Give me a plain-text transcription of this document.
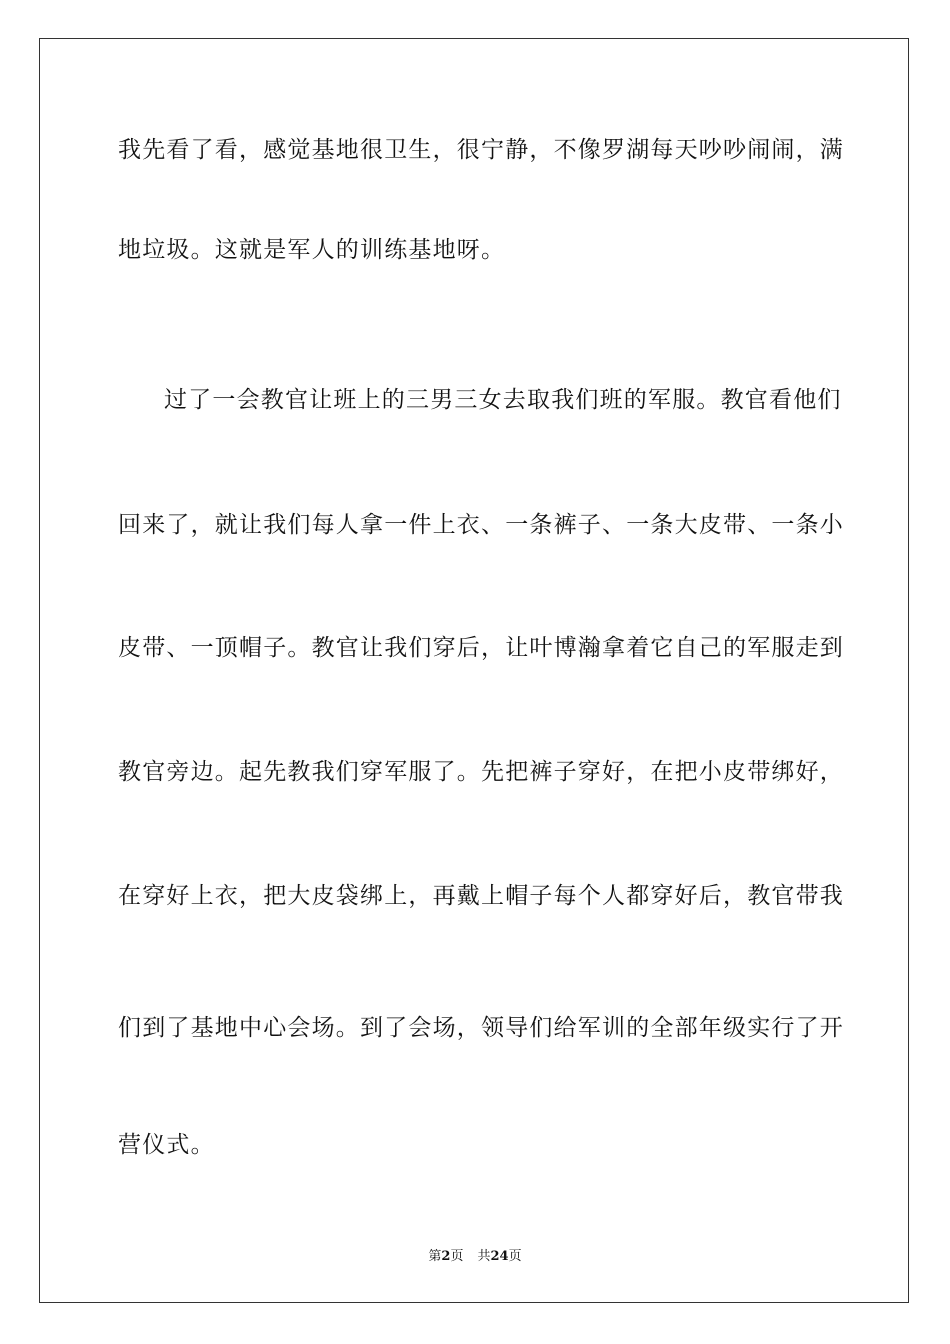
我先看了看，感觉基地很卫生，很宁静，不像罗湖每天吵吵闹闹，满
地垃圾。这就是军人的训练基地呀。
过了一会教官让班上的三男三女去取我们班的军服。教官看他们
回来了，就让我们每人拿一件上衣、一条裤子、一条大皮带、一条小
皮带、一顶帽子。教官让我们穿后，让叶博瀚拿着它自己的军服走到
教官旁边。起先教我们穿军服了。先把裤子穿好，在把小皮带绑好，
在穿好上衣，把大皮袋绑上，再戴上帽子每个人都穿好后，教官带我
们到了基地中心会场。到了会场，领导们给军训的全部年级实行了开
营仪式。
第2页 共24页
